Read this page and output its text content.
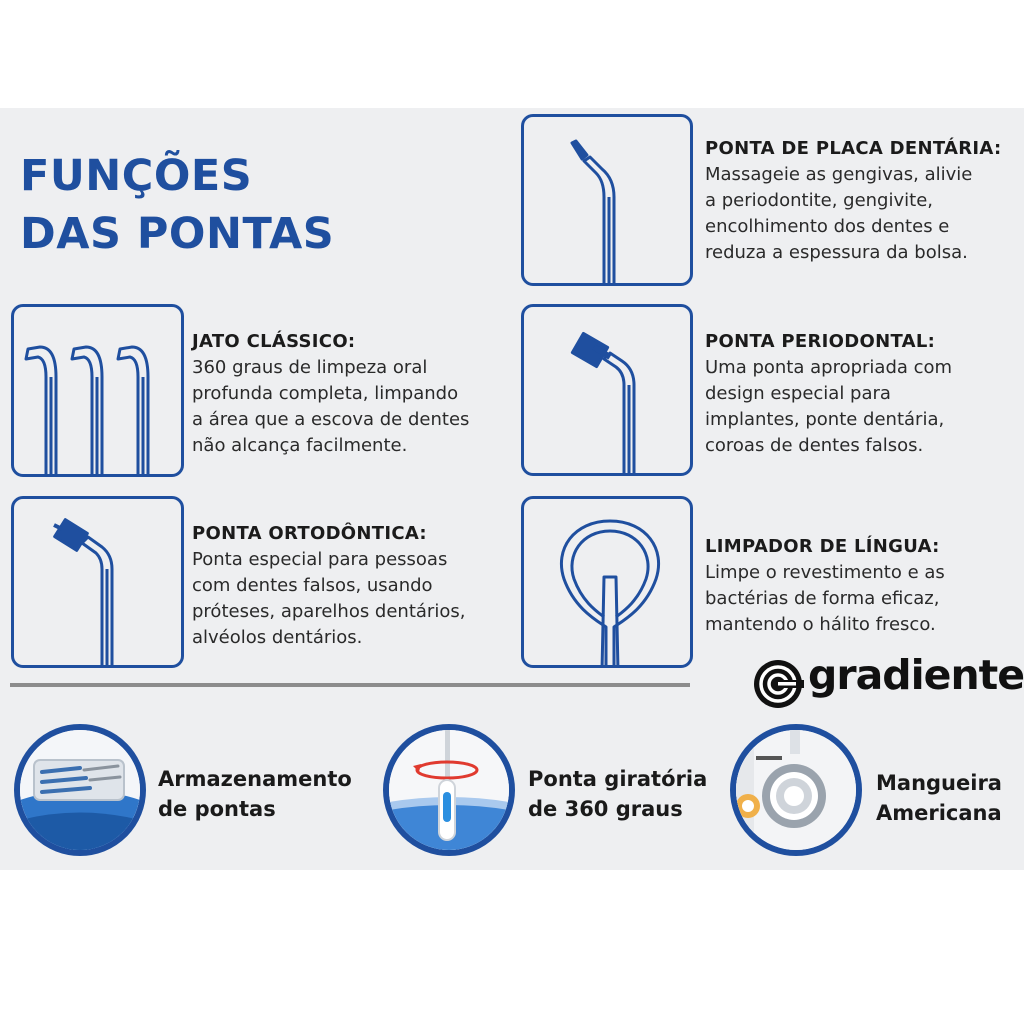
FUNÇÕES
DAS PONTAS
PONTA DE PLACA DENTÁRIA:
Massageie as gengivas, alivie
a periodontite, gengivite,
encolhimento dos dentes e
reduza a espessura da bolsa.
JATO CLÁSSICO:
360 graus de limpeza oral
profunda completa, limpando
a área que a escova de dentes
não alcança facilmente.
PONTA PERIODONTAL:
Uma ponta apropriada com
design especial para
implantes, ponte dentária,
coroas de dentes falsos.
PONTA ORTODÔNTICA:
Ponta especial para pessoas
com dentes falsos, usando
próteses, aparelhos dentários,
alvéolos dentários.
LIMPADOR DE LÍNGUA:
Limpe o revestimento e as
bactérias de forma eficaz,
mantendo o hálito fresco.
gradiente
Armazenamento
de pontas
Ponta giratória
de 360 graus
Mangueira
Americana
